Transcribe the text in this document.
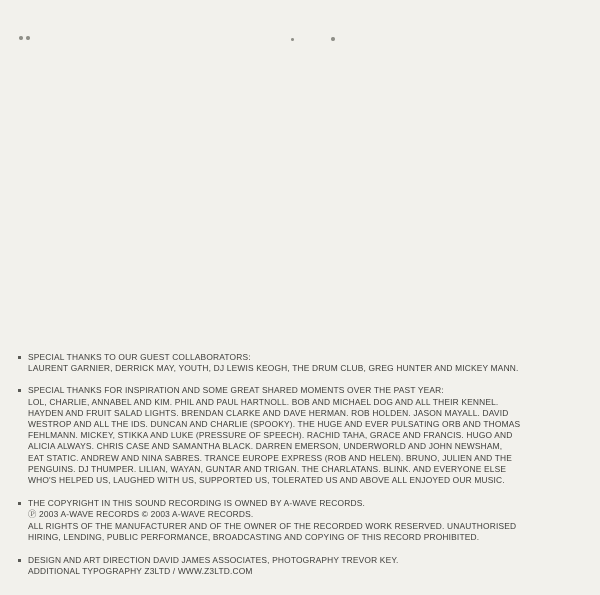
SPECIAL THANKS TO OUR GUEST COLLABORATORS:
LAURENT GARNIER, DERRICK MAY, YOUTH, DJ LEWIS KEOGH, THE DRUM CLUB, GREG HUNTER AND MICKEY MANN.
SPECIAL THANKS FOR INSPIRATION AND SOME GREAT SHARED MOMENTS OVER THE PAST YEAR:
LOL, CHARLIE, ANNABEL AND KIM. PHIL AND PAUL HARTNOLL. BOB AND MICHAEL DOG AND ALL THEIR KENNEL.
HAYDEN AND FRUIT SALAD LIGHTS. BRENDAN CLARKE AND DAVE HERMAN. ROB HOLDEN. JASON MAYALL. DAVID
WESTROP AND ALL THE IDS. DUNCAN AND CHARLIE (SPOOKY). THE HUGE AND EVER PULSATING ORB AND THOMAS
FEHLMANN. MICKEY, STIKKA AND LUKE (PRESSURE OF SPEECH). RACHID TAHA, GRACE AND FRANCIS. HUGO AND
ALICIA ALWAYS. CHRIS CASE AND SAMANTHA BLACK. DARREN EMERSON, UNDERWORLD AND JOHN NEWSHAM,
EAT STATIC. ANDREW AND NINA SABRES. TRANCE EUROPE EXPRESS (ROB AND HELEN). BRUNO, JULIEN AND THE
PENGUINS. DJ THUMPER. LILIAN, WAYAN, GUNTAR AND TRIGAN. THE CHARLATANS. BLINK. AND EVERYONE ELSE
WHO'S HELPED US, LAUGHED WITH US, SUPPORTED US, TOLERATED US AND ABOVE ALL ENJOYED OUR MUSIC.
THE COPYRIGHT IN THIS SOUND RECORDING IS OWNED BY A-WAVE RECORDS.
Ⓟ 2003 A-WAVE RECORDS © 2003 A-WAVE RECORDS.
ALL RIGHTS OF THE MANUFACTURER AND OF THE OWNER OF THE RECORDED WORK RESERVED. UNAUTHORISED
HIRING, LENDING, PUBLIC PERFORMANCE, BROADCASTING AND COPYING OF THIS RECORD PROHIBITED.
DESIGN AND ART DIRECTION DAVID JAMES ASSOCIATES, PHOTOGRAPHY TREVOR KEY.
ADDITIONAL TYPOGRAPHY Z3LTD / WWW.Z3LTD.COM
